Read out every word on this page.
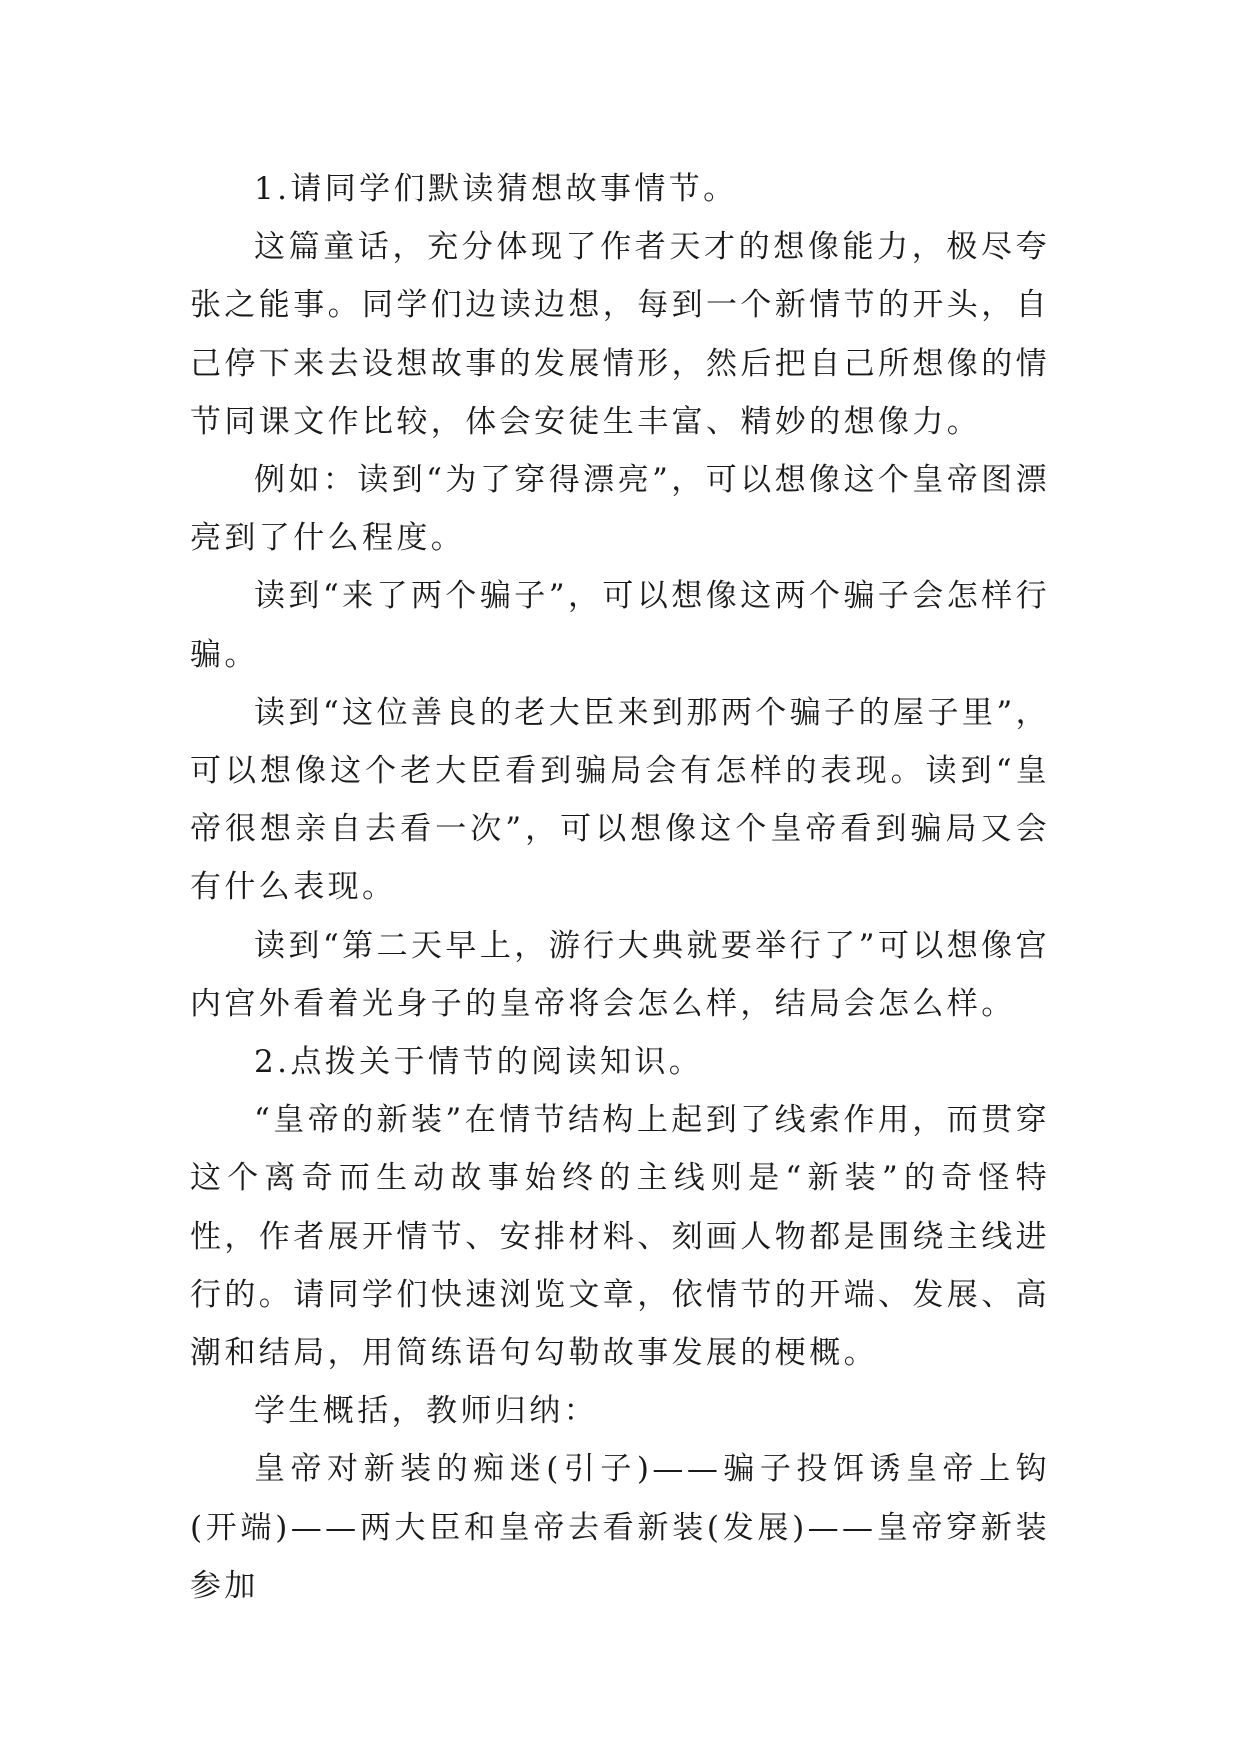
1.请同学们默读猜想故事情节。

这篇童话，充分体现了作者天才的想像能力，极尽夸张之能事。同学们边读边想，每到一个新情节的开头，自己停下来去设想故事的发展情形，然后把自己所想像的情节同课文作比较，体会安徒生丰富、精妙的想像力。

例如：读到“为了穿得漂亮”，可以想像这个皇帝图漂亮到了什么程度。

读到“来了两个骗子”，可以想像这两个骗子会怎样行骗。

读到“这位善良的老大臣来到那两个骗子的屋子里”，可以想像这个老大臣看到骗局会有怎样的表现。读到“皇帝很想亲自去看一次”，可以想像这个皇帝看到骗局又会有什么表现。

读到“第二天早上，游行大典就要举行了”可以想像宫内宫外看着光身子的皇帝将会怎么样，结局会怎么样。

2.点拨关于情节的阅读知识。

“皇帝的新装”在情节结构上起到了线索作用，而贯穿这个离奇而生动故事始终的主线则是“新装”的奇怪特性，作者展开情节、安排材料、刻画人物都是围绕主线进行的。请同学们快速浏览文章，依情节的开端、发展、高潮和结局，用简练语句勾勒故事发展的梗概。

学生概括，教师归纳：

皇帝对新装的痴迷(引子)——骗子投饵诱皇帝上钩(开端)——两大臣和皇帝去看新装(发展)——皇帝穿新装参加
